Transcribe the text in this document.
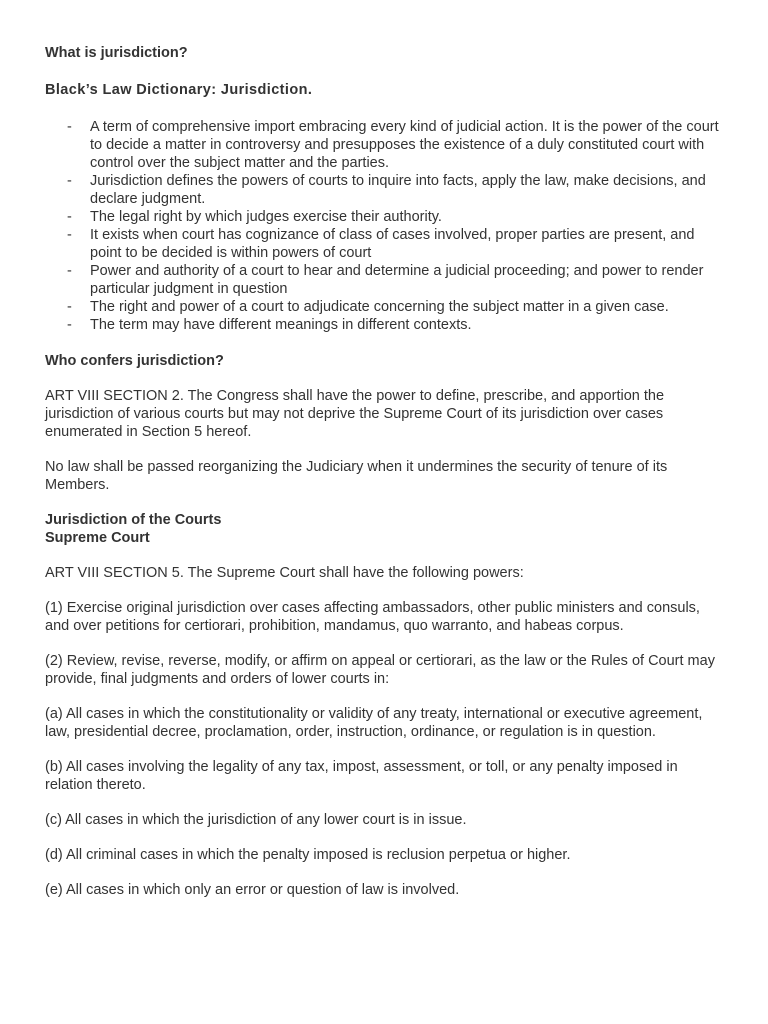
What is jurisdiction?

Black’s Law Dictionary: Jurisdiction.

- A term of comprehensive import embracing every kind of judicial action. It is the power of the court to decide a matter in controversy and presupposes the existence of a duly constituted court with control over the subject matter and the parties.
- Jurisdiction defines the powers of courts to inquire into facts, apply the law, make decisions, and declare judgment.
- The legal right by which judges exercise their authority.
- It exists when court has cognizance of class of cases involved, proper parties are present, and point to be decided is within powers of court
- Power and authority of a court to hear and determine a judicial proceeding; and power to render particular judgment in question
- The right and power of a court to adjudicate concerning the subject matter in a given case.
- The term may have different meanings in different contexts.

Who confers jurisdiction?

ART VIII SECTION 2. The Congress shall have the power to define, prescribe, and apportion the jurisdiction of various courts but may not deprive the Supreme Court of its jurisdiction over cases enumerated in Section 5 hereof.

No law shall be passed reorganizing the Judiciary when it undermines the security of tenure of its Members.

Jurisdiction of the Courts

Supreme Court

ART VIII SECTION 5. The Supreme Court shall have the following powers:

(1) Exercise original jurisdiction over cases affecting ambassadors, other public ministers and consuls, and over petitions for certiorari, prohibition, mandamus, quo warranto, and habeas corpus.

(2) Review, revise, reverse, modify, or affirm on appeal or certiorari, as the law or the Rules of Court may provide, final judgments and orders of lower courts in:

(a) All cases in which the constitutionality or validity of any treaty, international or executive agreement, law, presidential decree, proclamation, order, instruction, ordinance, or regulation is in question.

(b) All cases involving the legality of any tax, impost, assessment, or toll, or any penalty imposed in relation thereto.

(c) All cases in which the jurisdiction of any lower court is in issue.

(d) All criminal cases in which the penalty imposed is reclusion perpetua or higher.

(e) All cases in which only an error or question of law is involved.
